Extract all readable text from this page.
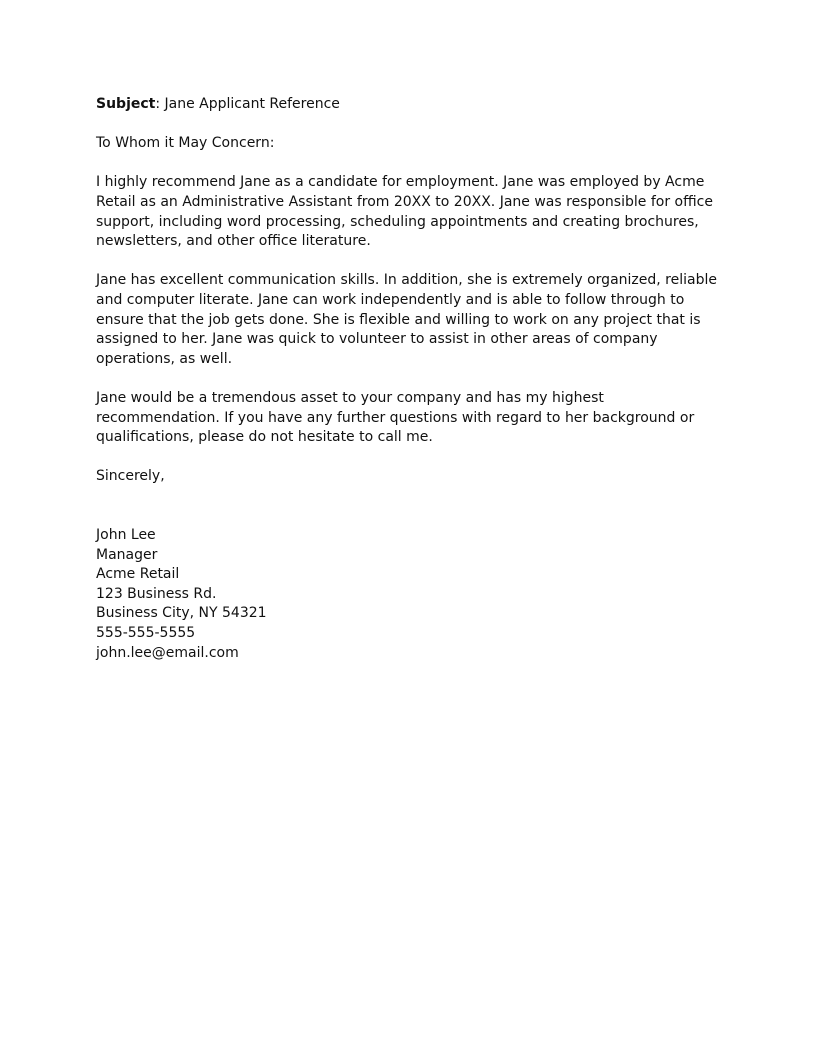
Subject: Jane Applicant Reference

To Whom it May Concern:

I highly recommend Jane as a candidate for employment. Jane was employed by Acme Retail as an Administrative Assistant from 20XX to 20XX. Jane was responsible for office support, including word processing, scheduling appointments and creating brochures, newsletters, and other office literature.

Jane has excellent communication skills. In addition, she is extremely organized, reliable and computer literate. Jane can work independently and is able to follow through to ensure that the job gets done. She is flexible and willing to work on any project that is assigned to her. Jane was quick to volunteer to assist in other areas of company operations, as well.

Jane would be a tremendous asset to your company and has my highest recommendation. If you have any further questions with regard to her background or qualifications, please do not hesitate to call me.

Sincerely,

John Lee
Manager
Acme Retail
123 Business Rd.
Business City, NY 54321
555-555-5555
john.lee@email.com
